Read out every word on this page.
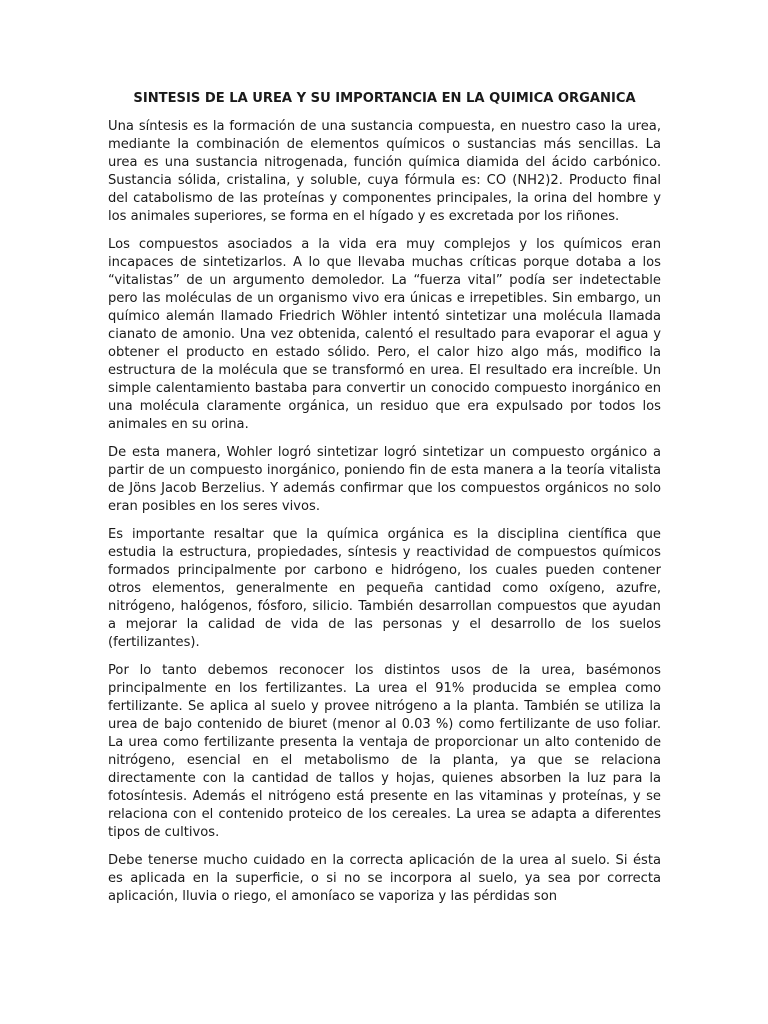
SINTESIS DE LA UREA Y SU IMPORTANCIA EN LA QUIMICA ORGANICA

Una síntesis es la formación de una sustancia compuesta, en nuestro caso la urea, mediante la combinación de elementos químicos o sustancias más sencillas. La urea es una sustancia nitrogenada, función química diamida del ácido carbónico. Sustancia sólida, cristalina, y soluble, cuya fórmula es: CO (NH2)2. Producto final del catabolismo de las proteínas y componentes principales, la orina del hombre y los animales superiores, se forma en el hígado y es excretada por los riñones.

Los compuestos asociados a la vida era muy complejos y los químicos eran incapaces de sintetizarlos. A lo que llevaba muchas críticas porque dotaba a los “vitalistas” de un argumento demoledor. La “fuerza vital” podía ser indetectable pero las moléculas de un organismo vivo era únicas e irrepetibles. Sin embargo, un químico alemán llamado Friedrich Wöhler intentó sintetizar una molécula llamada cianato de amonio. Una vez obtenida, calentó el resultado para evaporar el agua y obtener el producto en estado sólido. Pero, el calor hizo algo más, modifico la estructura de la molécula que se transformó en urea. El resultado era increíble. Un simple calentamiento bastaba para convertir un conocido compuesto inorgánico en una molécula claramente orgánica, un residuo que era expulsado por todos los animales en su orina.

De esta manera, Wohler logró sintetizar logró sintetizar un compuesto orgánico a partir de un compuesto inorgánico, poniendo fin de esta manera a la teoría vitalista de Jöns Jacob Berzelius. Y además confirmar que los compuestos orgánicos no solo eran posibles en los seres vivos.

Es importante resaltar que la química orgánica es la disciplina científica que estudia la estructura, propiedades, síntesis y reactividad de compuestos químicos formados principalmente por carbono e hidrógeno, los cuales pueden contener otros elementos, generalmente en pequeña cantidad como oxígeno, azufre, nitrógeno, halógenos, fósforo, silicio. También desarrollan compuestos que ayudan a mejorar la calidad de vida de las personas y el desarrollo de los suelos (fertilizantes).

Por lo tanto debemos reconocer los distintos usos de la urea, basémonos principalmente en los fertilizantes. La urea el 91% producida se emplea como fertilizante. Se aplica al suelo y provee nitrógeno a la planta. También se utiliza la urea de bajo contenido de biuret (menor al 0.03 %) como fertilizante de uso foliar. La urea como fertilizante presenta la ventaja de proporcionar un alto contenido de nitrógeno, esencial en el metabolismo de la planta, ya que se relaciona directamente con la cantidad de tallos y hojas, quienes absorben la luz para la fotosíntesis. Además el nitrógeno está presente en las vitaminas y proteínas, y se relaciona con el contenido proteico de los cereales. La urea se adapta a diferentes tipos de cultivos.

Debe tenerse mucho cuidado en la correcta aplicación de la urea al suelo. Si ésta es aplicada en la superficie, o si no se incorpora al suelo, ya sea por correcta aplicación, lluvia o riego, el amoníaco se vaporiza y las pérdidas son
